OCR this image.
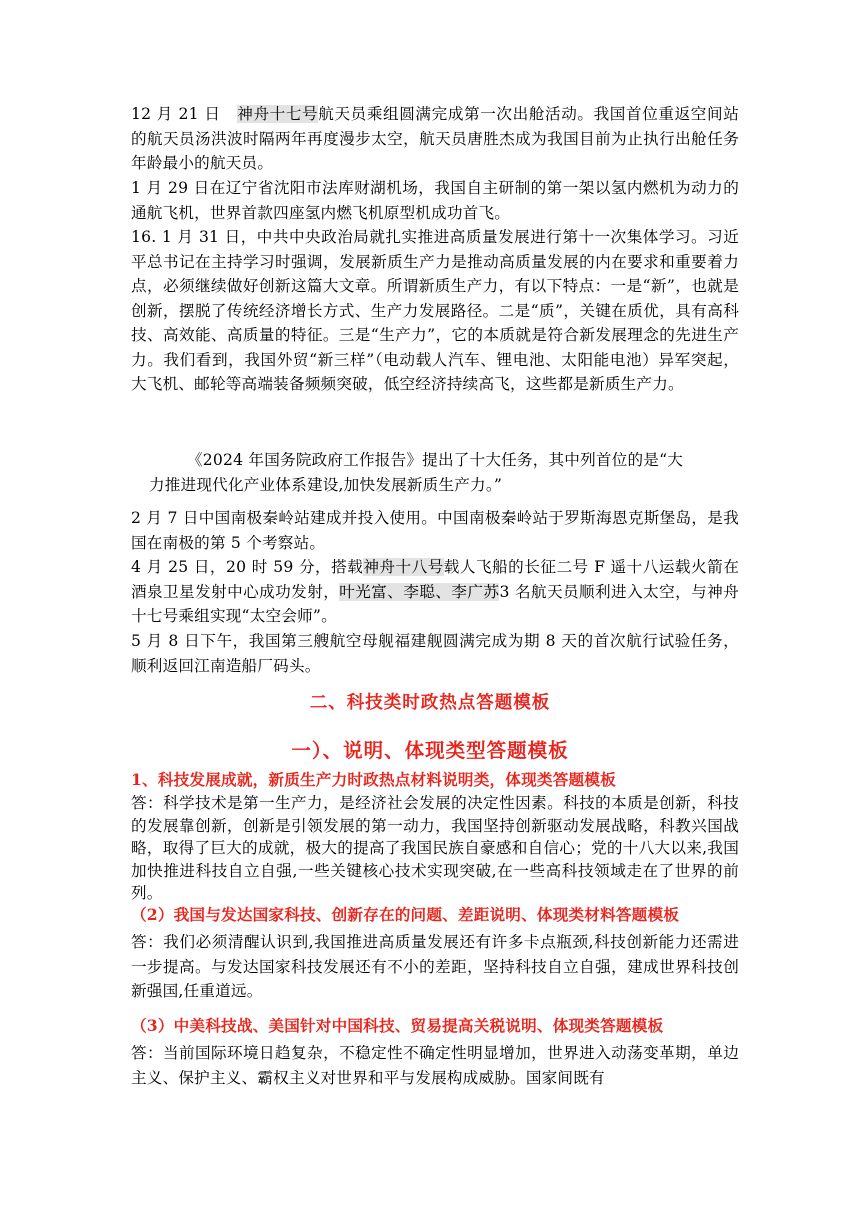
12 月 21 日 神舟十七号航天员乘组圆满完成第一次出舱活动。我国首位重返空间站的航天员汤洪波时隔两年再度漫步太空，航天员唐胜杰成为我国目前为止执行出舱任务年龄最小的航天员。
1 月 29 日在辽宁省沈阳市法库财湖机场，我国自主研制的第一架以氢内燃机为动力的通航飞机，世界首款四座氢内燃飞机原型机成功首飞。
16. 1 月 31 日，中共中央政治局就扎实推进高质量发展进行第十一次集体学习。习近平总书记在主持学习时强调，发展新质生产力是推动高质量发展的内在要求和重要着力点，必须继续做好创新这篇大文章。所谓新质生产力，有以下特点：一是“新”，也就是创新，摆脱了传统经济增长方式、生产力发展路径。二是“质”，关键在质优，具有高科技、高效能、高质量的特征。三是“生产力”，它的本质就是符合新发展理念的先进生产力。我们看到，我国外贸“新三样”（电动载人汽车、锂电池、太阳能电池）异军突起，大飞机、邮轮等高端装备频频突破，低空经济持续高飞，这些都是新质生产力。
《2024 年国务院政府工作报告》提出了十大任务，其中列首位的是“大
力推进现代化产业体系建设,加快发展新质生产力。”
2 月 7 日中国南极秦岭站建成并投入使用。中国南极秦岭站于罗斯海恩克斯堡岛，是我国在南极的第 5 个考察站。
4 月 25 日，20 时 59 分，搭载神舟十八号载人飞船的长征二号 F 遥十八运载火箭在酒泉卫星发射中心成功发射，叶光富、李聪、李广苏3 名航天员顺利进入太空，与神舟十七号乘组实现“太空会师”。
5 月 8 日下午，我国第三艘航空母舰福建舰圆满完成为期 8 天的首次航行试验任务，顺利返回江南造船厂码头。
二、科技类时政热点答题模板
一）、说明、体现类型答题模板
1、科技发展成就，新质生产力时政热点材料说明类，体现类答题模板
答：科学技术是第一生产力，是经济社会发展的决定性因素。科技的本质是创新，科技的发展靠创新，创新是引领发展的第一动力，我国坚持创新驱动发展战略，科教兴国战略，取得了巨大的成就，极大的提高了我国民族自豪感和自信心；党的十八大以来,我国加快推进科技自立自强,一些关键核心技术实现突破,在一些高科技领域走在了世界的前列。
（2）我国与发达国家科技、创新存在的问题、差距说明、体现类材料答题模板
答：我们必须清醒认识到,我国推进高质量发展还有许多卡点瓶颈,科技创新能力还需进一步提高。与发达国家科技发展还有不小的差距，坚持科技自立自强，建成世界科技创新强国,任重道远。
（3）中美科技战、美国针对中国科技、贸易提高关税说明、体现类答题模板
答：当前国际环境日趋复杂，不稳定性不确定性明显增加，世界进入动荡变革期，单边主义、保护主义、霸权主义对世界和平与发展构成威胁。国家间既有
